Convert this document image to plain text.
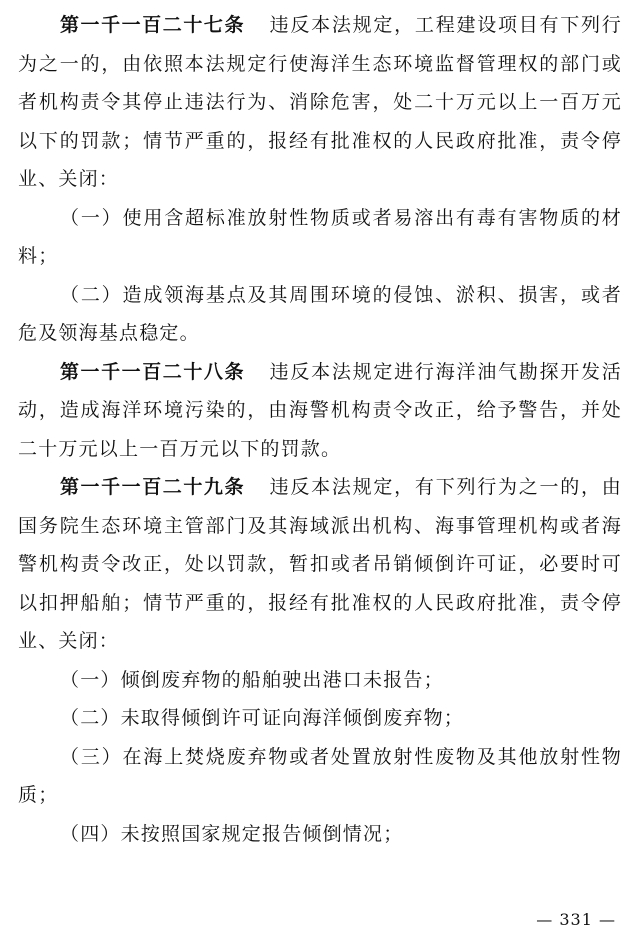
第一千一百二十七条 违反本法规定，工程建设项目有下列行为之一的，由依照本法规定行使海洋生态环境监督管理权的部门或者机构责令其停止违法行为、消除危害，处二十万元以上一百万元以下的罚款；情节严重的，报经有批准权的人民政府批准，责令停业、关闭：

（一）使用含超标准放射性物质或者易溶出有毒有害物质的材料；

（二）造成领海基点及其周围环境的侵蚀、淤积、损害，或者危及领海基点稳定。

第一千一百二十八条 违反本法规定进行海洋油气勘探开发活动，造成海洋环境污染的，由海警机构责令改正，给予警告，并处二十万元以上一百万元以下的罚款。

第一千一百二十九条 违反本法规定，有下列行为之一的，由国务院生态环境主管部门及其海域派出机构、海事管理机构或者海警机构责令改正，处以罚款，暂扣或者吊销倾倒许可证，必要时可以扣押船舶；情节严重的，报经有批准权的人民政府批准，责令停业、关闭：

（一）倾倒废弃物的船舶驶出港口未报告；

（二）未取得倾倒许可证向海洋倾倒废弃物；

（三）在海上焚烧废弃物或者处置放射性废物及其他放射性物质；

（四）未按照国家规定报告倾倒情况；

— 331 —
